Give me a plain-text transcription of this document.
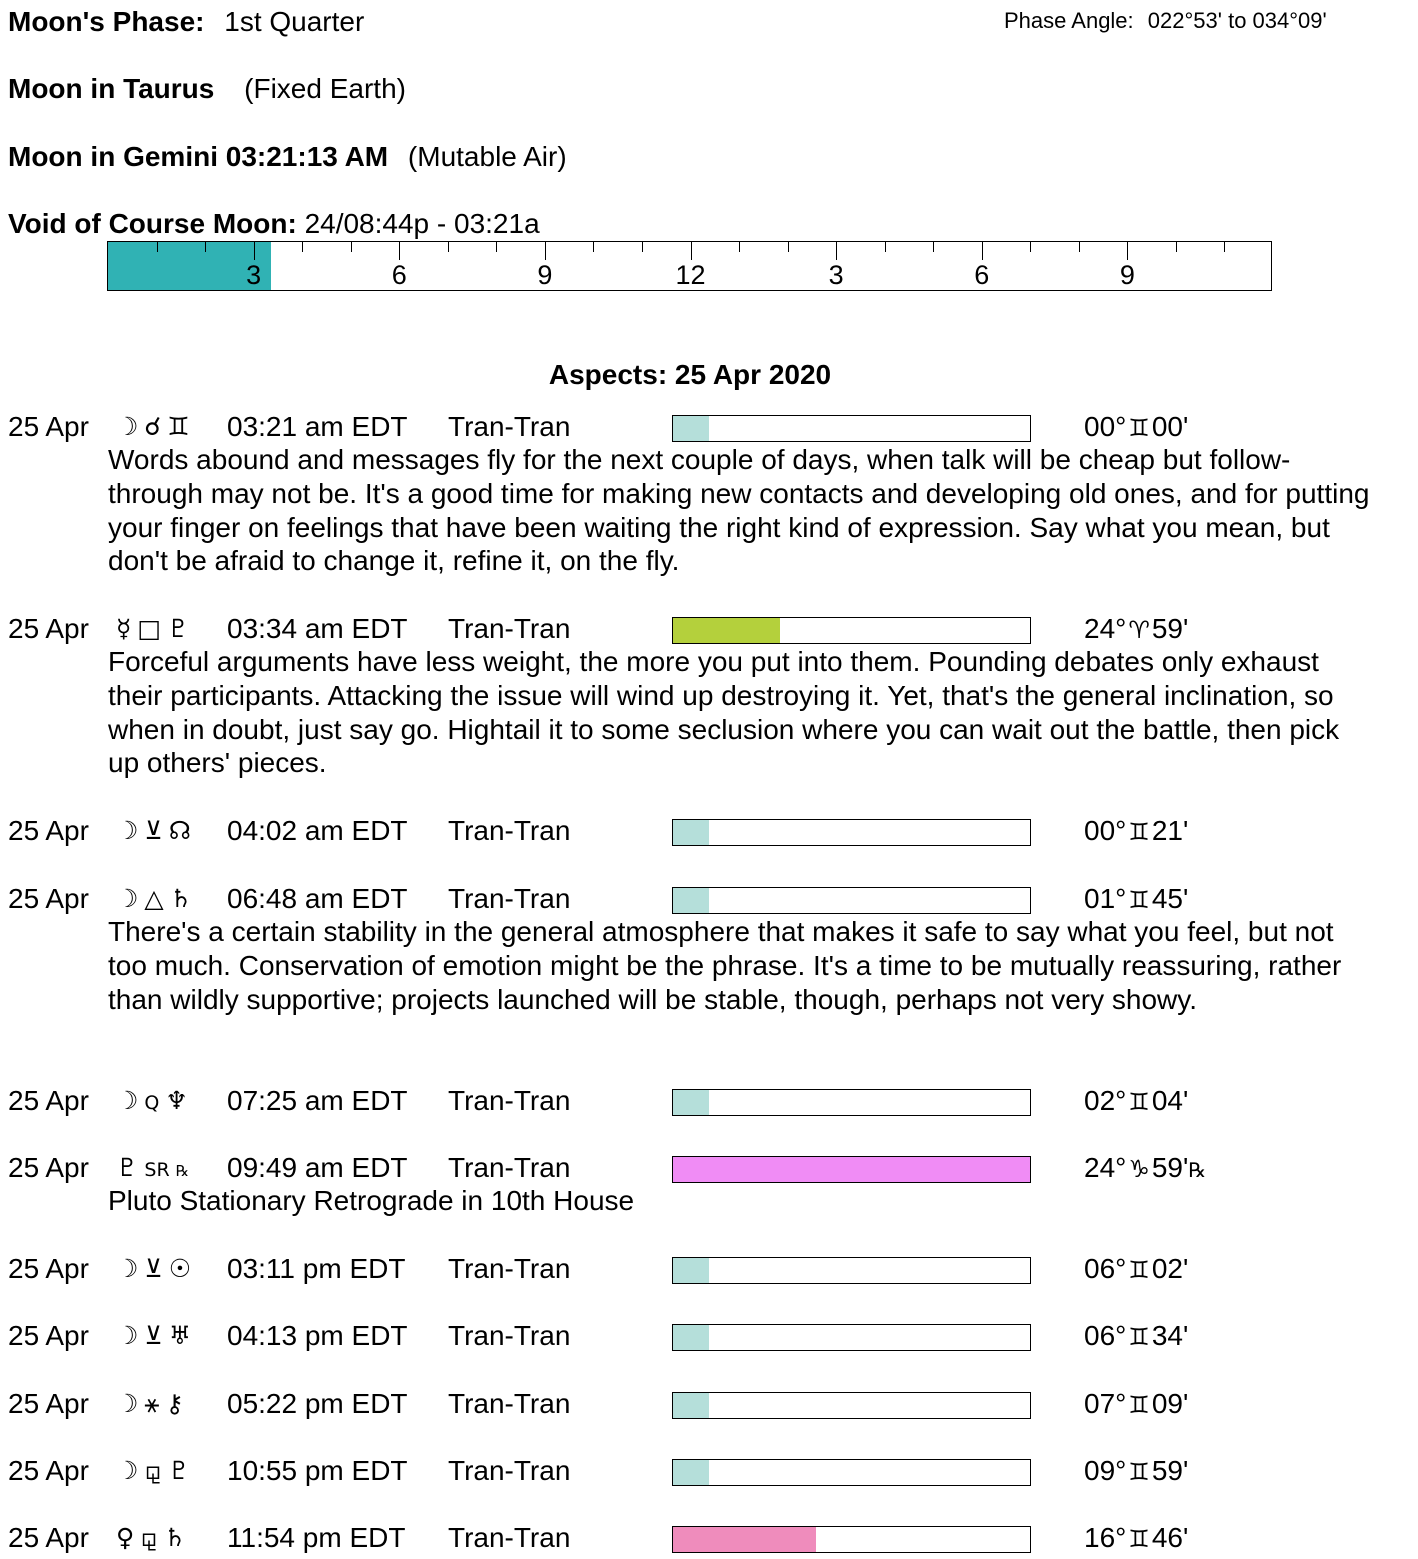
Moon's Phase: 1st Quarter	Phase Angle: 022°53' to 034°09'
Moon in Taurus (Fixed Earth)
Moon in Gemini 03:21:13 AM (Mutable Air)
Void of Course Moon: 24/08:44p - 03:21a
3	6	9	12	3	6	9
Aspects: 25 Apr 2020
25 Apr ☽ ☌ ♊ 03:21 am EDT Tran-Tran	00°♊00'
Words abound and messages fly for the next couple of days, when talk will be cheap but follow-through may not be. It's a good time for making new contacts and developing old ones, and for putting your finger on feelings that have been waiting the right kind of expression. Say what you mean, but don't be afraid to change it, refine it, on the fly.
25 Apr ☿ □ ♇ 03:34 am EDT Tran-Tran	24°♈59'
Forceful arguments have less weight, the more you put into them. Pounding debates only exhaust their participants. Attacking the issue will wind up destroying it. Yet, that's the general inclination, so when in doubt, just say go. Hightail it to some seclusion where you can wait out the battle, then pick up others' pieces.
25 Apr ☽ ⊻ ☊ 04:02 am EDT Tran-Tran	00°♊21'
25 Apr ☽ △ ♄ 06:48 am EDT Tran-Tran	01°♊45'
There's a certain stability in the general atmosphere that makes it safe to say what you feel, but not too much. Conservation of emotion might be the phrase. It's a time to be mutually reassuring, rather than wildly supportive; projects launched will be stable, though, perhaps not very showy.
25 Apr ☽ Q ♆ 07:25 am EDT Tran-Tran	02°♊04'
25 Apr ♇ SR ℞	09:49 am EDT Tran-Tran	24°♑59'℞
Pluto Stationary Retrograde in 10th House
25 Apr ☽ ⊻ ☉ 03:11 pm EDT Tran-Tran	06°♊02'
25 Apr ☽ ⊻ ♅ 04:13 pm EDT Tran-Tran	06°♊34'
25 Apr ☽ ⚹ ⚷ 05:22 pm EDT Tran-Tran	07°♊09'
25 Apr ☽ ⚼ ♇ 10:55 pm EDT Tran-Tran	09°♊59'
25 Apr ♀ ⚼ ♄ 11:54 pm EDT Tran-Tran	16°♊46'
